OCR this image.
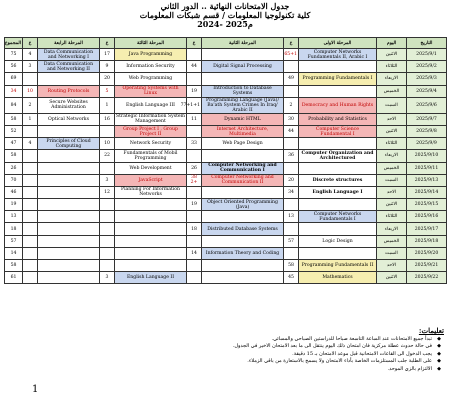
جدول الامتحانات النهائية .. الدور الثاني
كلية تكنولوجيا المعلومات / قسم شبكات المعلومات
2024- 2025م
التاريخ	اليوم	المرحلة الاولى	ع	المرحلة الثانية	ع	المرحلة الثالثة	ع	المرحلة الرابعة	ع	المجموع
2025/9/1	الاثنين	Computer Networks Fundamentals II, Arabic I	65+1			Java Programming	17	Data Communication and Networking I	4	75
2025/9/2	الثلاثاء			Digital Signal Processing	44	Information Security	9	Data Communication and Networking II	3	56
2025/9/3	الاربعاء	Programming Fundamentals I	49			Web Programming	20			69
2025/9/4	الخميس			Introduction to Database Systems	19	Operating Systems with Linux	5	Routing Protocols	10	34
2025/9/6	السبت	Democracy and Human Rights	2	Programming Language (Java)/ Ba'ath System Crimes In Iraq/ Arabic II	77+1+1	English Language III	1	Secure Websites Administration	2	84
2025/9/7	الاحد	Probability and Statistics	30	Dynamic HTML	11	Strategic Information System Management	16	Optical Networks	1	58
2025/9/8	الاثنين	Computer Science Fundamental I	44	Internet Architecture, Multimedia		Group Project I , Group Project II				52
2025/9/9	الثلاثاء			Web Page Design	33	Network Security	10	Principles of Cloud Computing	4	47
2025/9/10	الاربعاء	Computer Organization and Architectured	36			Fundamentals of Mobil Programming	22			58
2025/9/11	الخميس			Computer Networking and Communication I	26	Web Development				26
2025/9/13	السبت	Discrete structures	20	Computer Networking and Communication II	38 +2	JavaScript	3			70
2025/9/14	الاحد	English Language I	34			Planning For Information Networks	12			46
2025/9/15	الاثنين			Object Oriented Programming (Java)	19					19
2025/9/16	الثلاثاء	Computer Networks Fundamentals I	13							13
2025/9/17	الاربعاء			Distributed Database Systems	18					18
2025/9/18	الخميس	Logic Design	57							57
2025/9/20	السبت			Information Theory and Coding	14					14
2025/9/21	الاحد	Programming Fundamentals II	58							58
2025/9/22	الاثنين	Mathematics	45			English Language II	3			61
تعليمات:
◆ تبدأ جميع الامتحانات عند الساعة التاسعة صباحا للدراستين الصباحي والمسائي.
◆ في حالة حدوث عطلة مركزية فان امتحان ذلك اليوم ينتقل الى ما بعد الامتحان الاخير في الجدول.
◆ يجب الدخول الى القاعات الامتحانية قبل موعد الامتحان بـ 15 دقيقة.
◆ على الطلبة جلب المستلزمات الخاصة بأداء الامتحان ولا يسمح بالاستعارة من باقي الزملاء.
◆ الالتزام بالزي الموحد.
1
